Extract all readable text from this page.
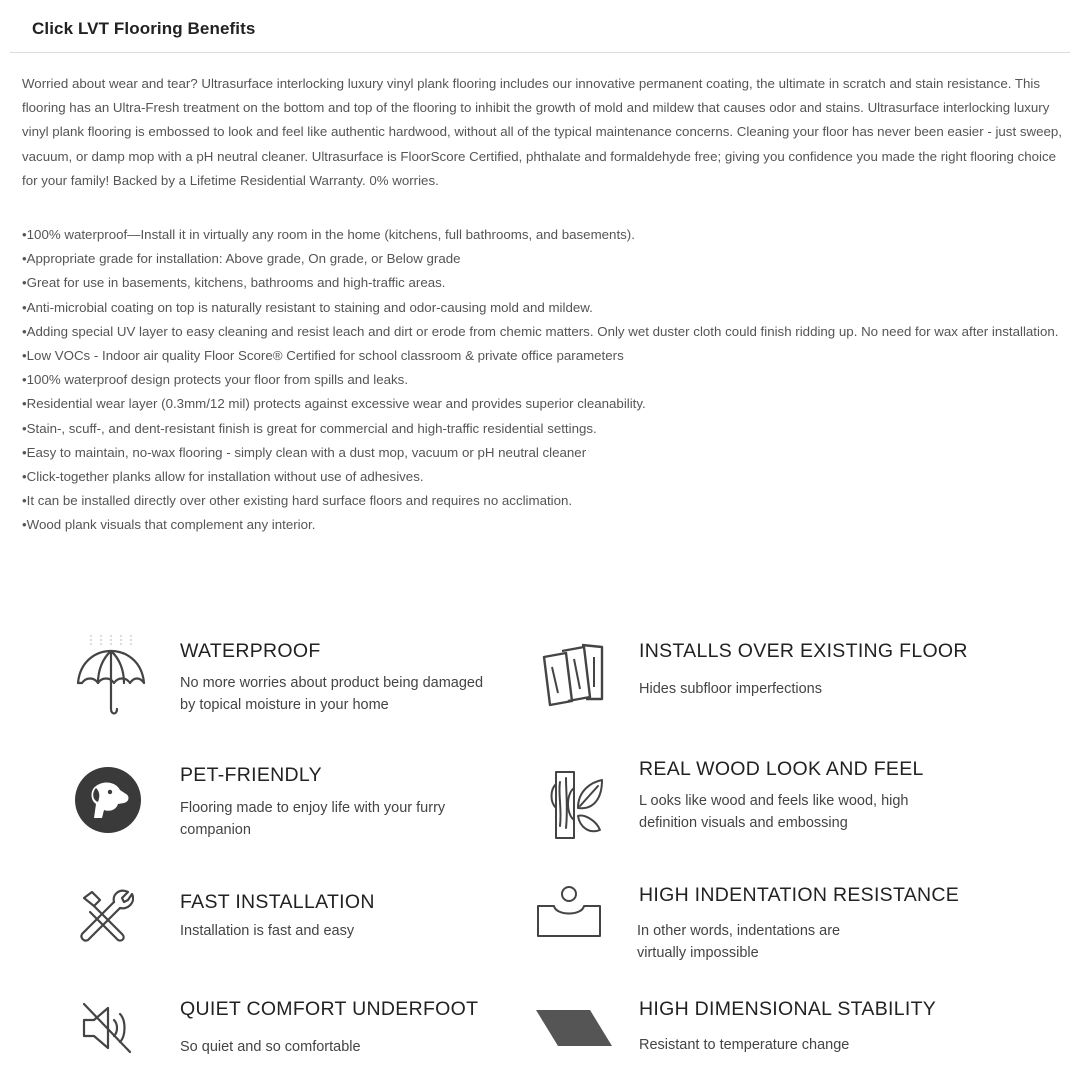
Click LVT Flooring Benefits

Worried about wear and tear? Ultrasurface interlocking luxury vinyl plank flooring includes our innovative permanent coating, the ultimate in scratch and stain resistance. This flooring has an Ultra-Fresh treatment on the bottom and top of the flooring to inhibit the growth of mold and mildew that causes odor and stains. Ultrasurface interlocking luxury vinyl plank flooring is embossed to look and feel like authentic hardwood, without all of the typical maintenance concerns. Cleaning your floor has never been easier - just sweep, vacuum, or damp mop with a pH neutral cleaner. Ultrasurface is FloorScore Certified, phthalate and formaldehyde free; giving you confidence you made the right flooring choice for your family! Backed by a Lifetime Residential Warranty. 0% worries.

•100% waterproof—Install it in virtually any room in the home (kitchens, full bathrooms, and basements).
•Appropriate grade for installation: Above grade, On grade, or Below grade
•Great for use in basements, kitchens, bathrooms and high-traffic areas.
•Anti-microbial coating on top is naturally resistant to staining and odor-causing mold and mildew.
•Adding special UV layer to easy cleaning and resist leach and dirt or erode from chemic matters. Only wet duster cloth could finish ridding up. No need for wax after installation.
•Low VOCs - Indoor air quality Floor Score® Certified for school classroom & private office parameters
•100% waterproof design protects your floor from spills and leaks.
•Residential wear layer (0.3mm/12 mil) protects against excessive wear and provides superior cleanability.
•Stain-, scuff-, and dent-resistant finish is great for commercial and high-traffic residential settings.
•Easy to maintain, no-wax flooring - simply clean with a dust mop, vacuum or pH neutral cleaner
•Click-together planks allow for installation without use of adhesives.
•It can be installed directly over other existing hard surface floors and requires no acclimation.
•Wood plank visuals that complement any interior.
WATERPROOF
No more worries about product being damaged by topical moisture in your home
INSTALLS OVER EXISTING FLOOR
Hides subfloor imperfections
PET-FRIENDLY
Flooring made to enjoy life with your furry companion
REAL WOOD LOOK AND FEEL
L ooks like wood and feels like wood, high definition visuals and embossing
FAST INSTALLATION
Installation is fast and easy
HIGH INDENTATION RESISTANCE
In other words, indentations are virtually impossible
QUIET COMFORT UNDERFOOT
So quiet and so comfortable
HIGH DIMENSIONAL STABILITY
Resistant to temperature change
